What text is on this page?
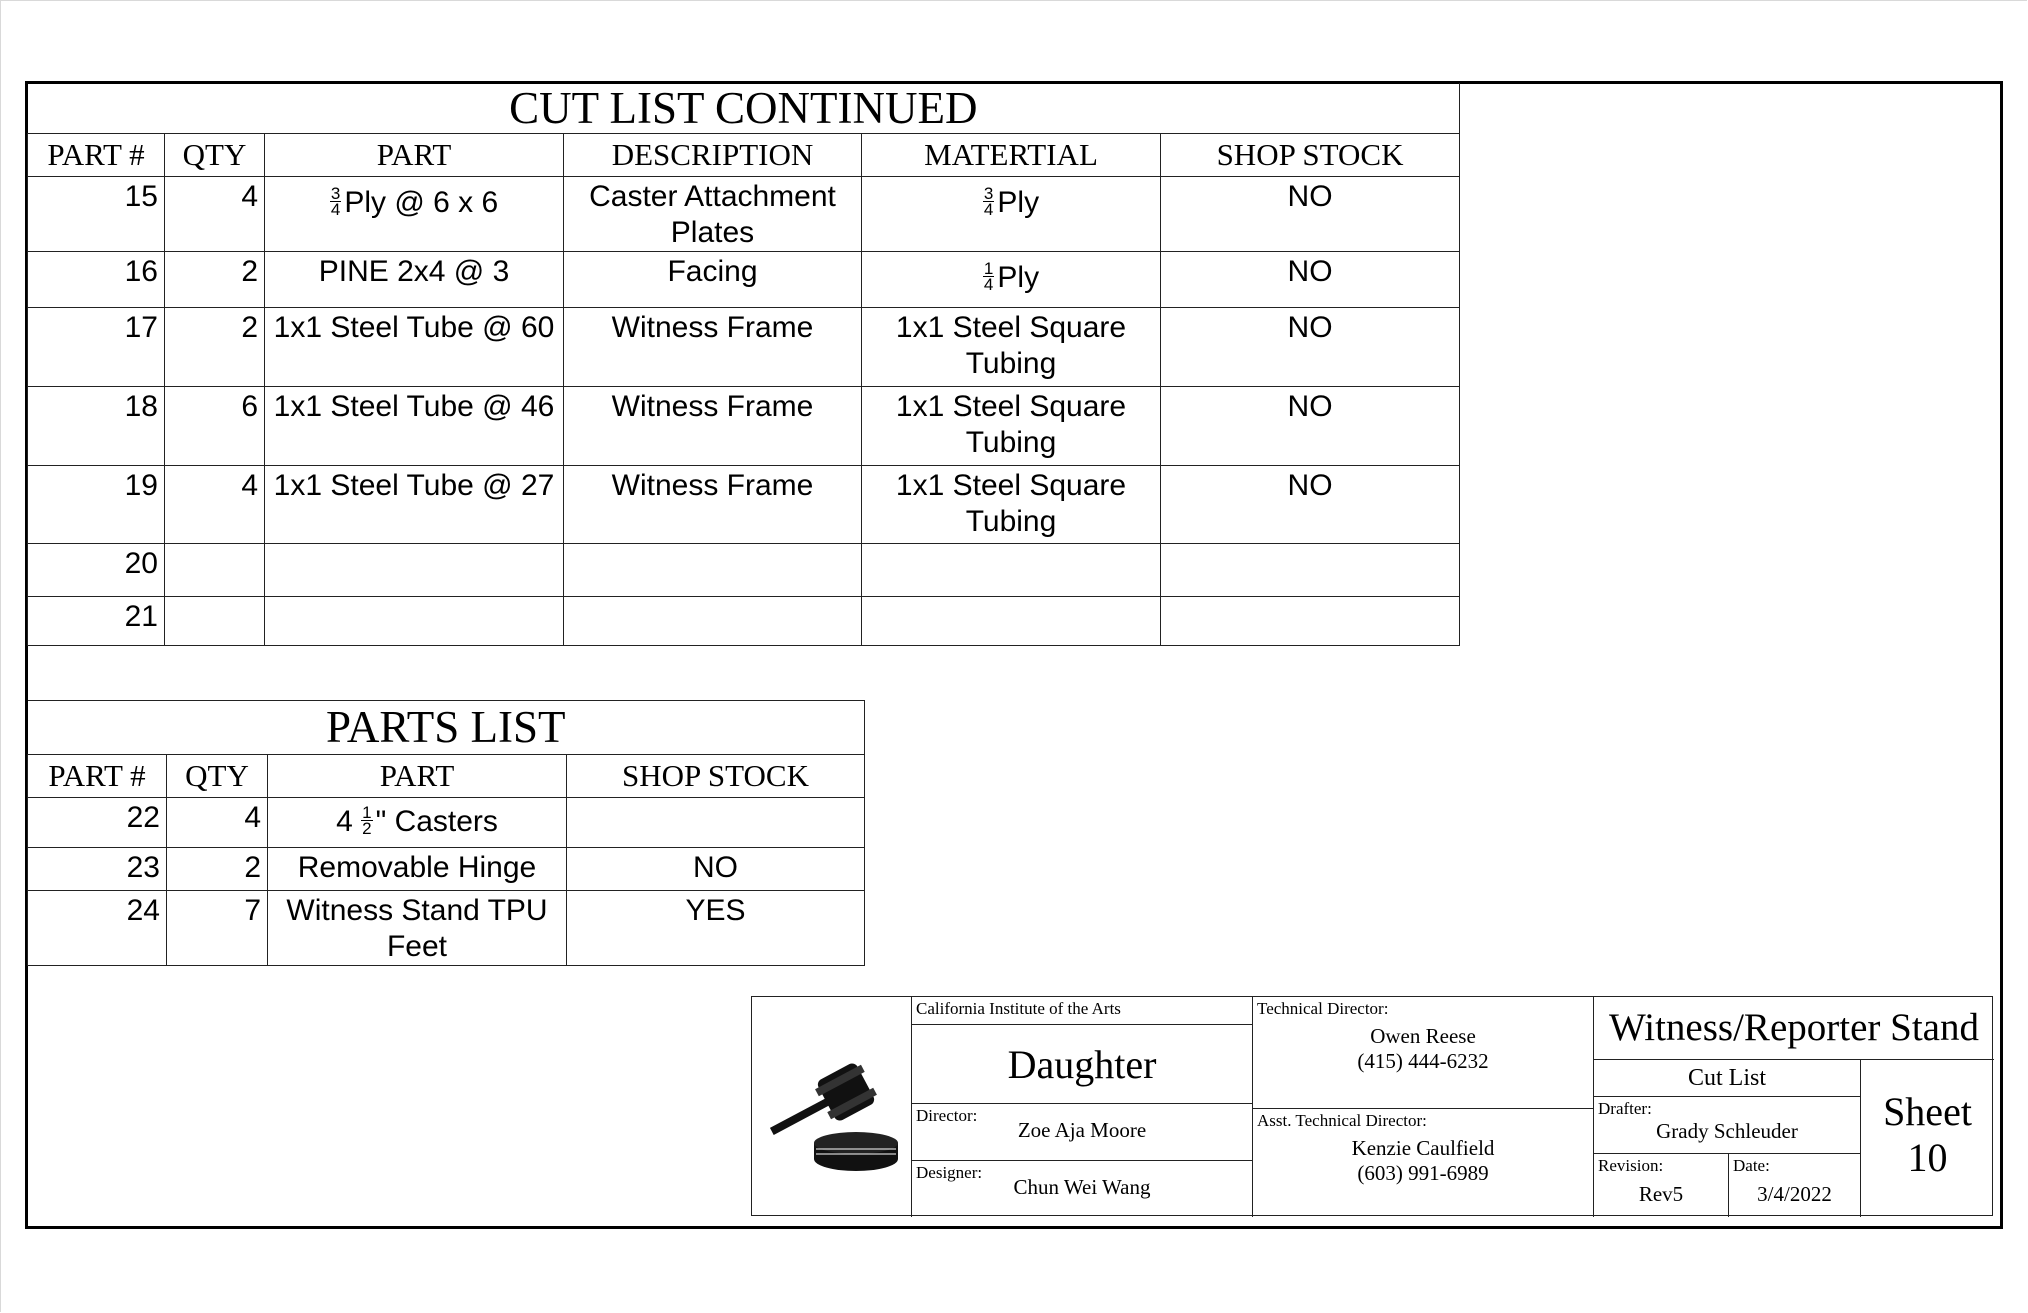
CUT LIST CONTINUED					
PART #	QTY	PART	DESCRIPTION	MATERTIAL	SHOP STOCK
15	4	$\frac{3}{4}$ Ply @ 6 x 6	Caster Attachment Plates	$\frac{3}{4}$ Ply	NO
16	2	PINE 2x4 @ 3	Facing	$\frac{1}{4}$ Ply	NO
17	2	1x1 Steel Tube @ 60	Witness Frame	1x1 Steel Square Tubing	NO
18	6	1x1 Steel Tube @ 46	Witness Frame	1x1 Steel Square Tubing	NO
19	4	1x1 Steel Tube @ 27	Witness Frame	1x1 Steel Square Tubing	NO
20					
21					
PARTS LIST			
PART #	QTY	PART	SHOP STOCK
22	4	$4 \frac{1}{2}$ " Casters	
23	2	Removable Hinge	NO
24	7	Witness Stand TPU Feet	YES
California Institute of the Arts
Daughter
Director:
Zoe Aja Moore
Designer:
Chun Wei Wang
Technical Director:
Owen Reese
(415) 444-6232
Asst. Technical Director:
Kenzie Caulfield
(603) 991-6989
Witness/Reporter Stand
Cut List
Drafter:
Grady Schleuder
Revision:
Rev5
Date:
3/4/2022
Sheet
10
